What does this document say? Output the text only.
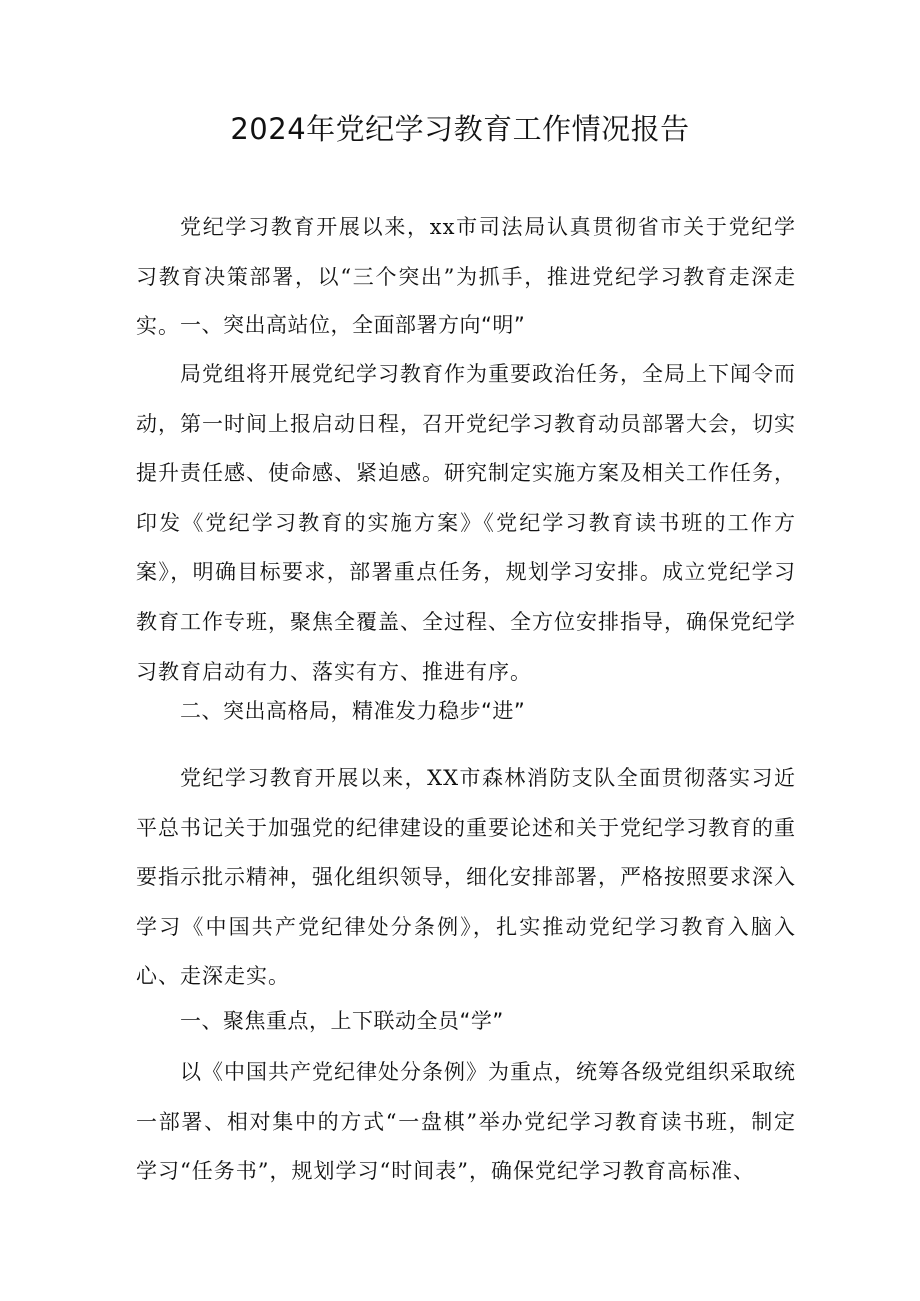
2024年党纪学习教育工作情况报告

党纪学习教育开展以来，xx市司法局认真贯彻省市关于党纪学习教育决策部署，以“三个突出”为抓手，推进党纪学习教育走深走实。 一、突出高站位，全面部署方向“明”

局党组将开展党纪学习教育作为重要政治任务，全局上下闻令而动，第一时间上报启动日程，召开党纪学习教育动员部署大会，切实提升责任感、使命感、紧迫感。研究制定实施方案及相关工作任务，印发《党纪学习教育的实施方案》《党纪学习教育读书班的工作方案》，明确目标要求，部署重点任务，规划学习安排。成立党纪学习教育工作专班，聚焦全覆盖、全过程、全方位安排指导，确保党纪学习教育启动有力、落实有方、推进有序。

二、突出高格局，精准发力稳步“进”

党纪学习教育开展以来，XX市森林消防支队全面贯彻落实习近平总书记关于加强党的纪律建设的重要论述和关于党纪学习教育的重要指示批示精神，强化组织领导，细化安排部署，严格按照要求深入学习《中国共产党纪律处分条例》，扎实推动党纪学习教育入脑入心、走深走实。

一、聚焦重点，上下联动全员“学”

以《中国共产党纪律处分条例》为重点，统筹各级党组织采取统一部署、相对集中的方式“一盘棋”举办党纪学习教育读书班，制定学习“任务书”，规划学习“时间表”，确保党纪学习教育高标准、
